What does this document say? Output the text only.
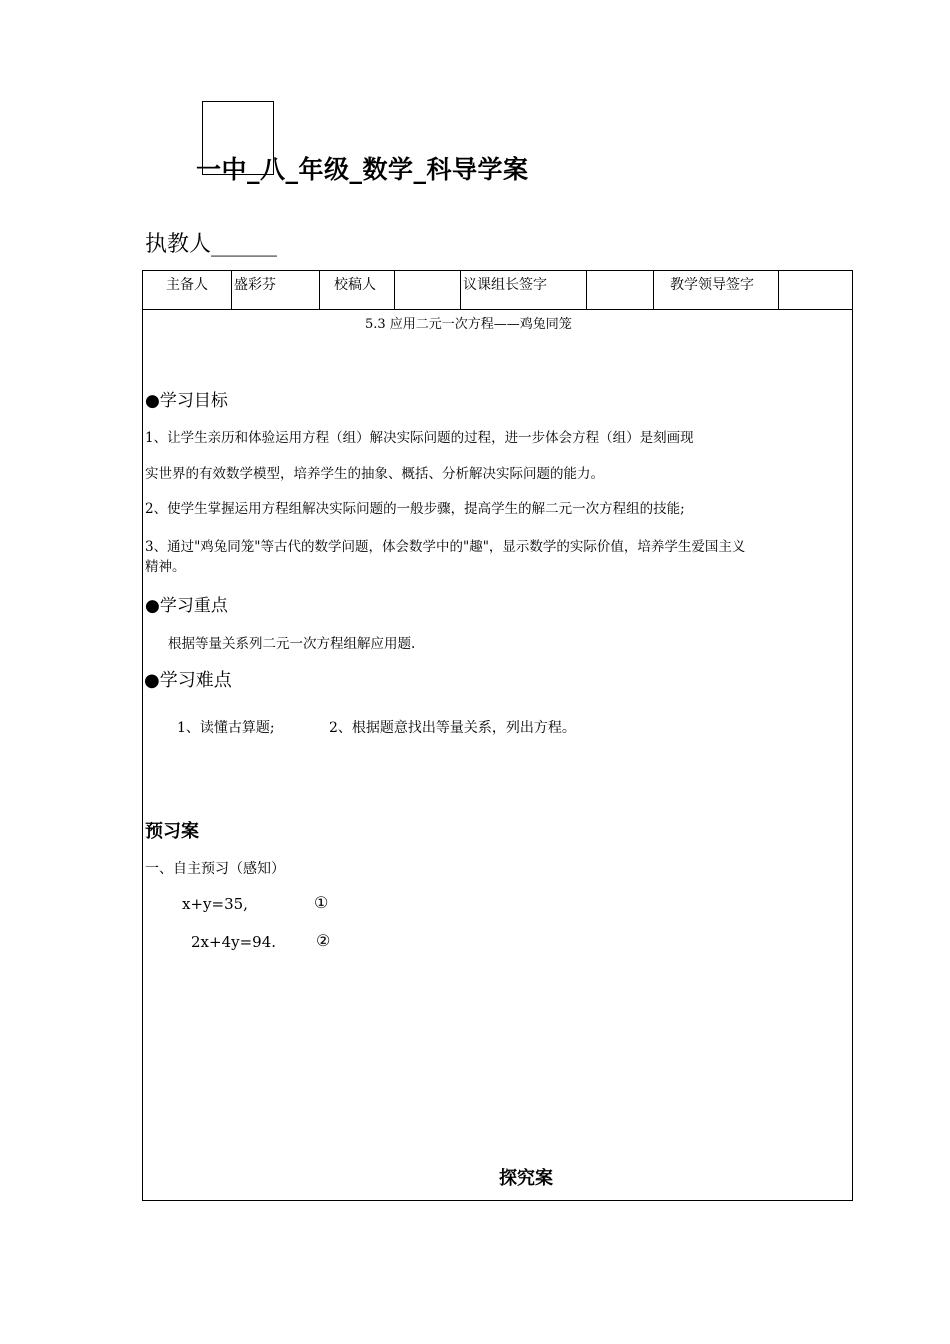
一中_八_年级_数学_科导学案
执教人______
主备人	盛彩芬	校稿人	议课组长签字	教学领导签字
5.3 应用二元一次方程——鸡兔同笼
●学习目标
1、让学生亲历和体验运用方程（组）解决实际问题的过程，进一步体会方程（组）是刻画现
实世界的有效数学模型，培养学生的抽象、概括、分析解决实际问题的能力。
2、使学生掌握运用方程组解决实际问题的一般步骤，提高学生的解二元一次方程组的技能;
3、通过"鸡兔同笼"等古代的数学问题，体会数学中的"趣"，显示数学的实际价值，培养学生爱国主义
精神。
●学习重点
根据等量关系列二元一次方程组解应用题.
●学习难点
1、读懂古算题;	2、根据题意找出等量关系，列出方程。
预习案
一、自主预习（感知）
x+y=35,	①
2x+4y=94. ②
探究案
